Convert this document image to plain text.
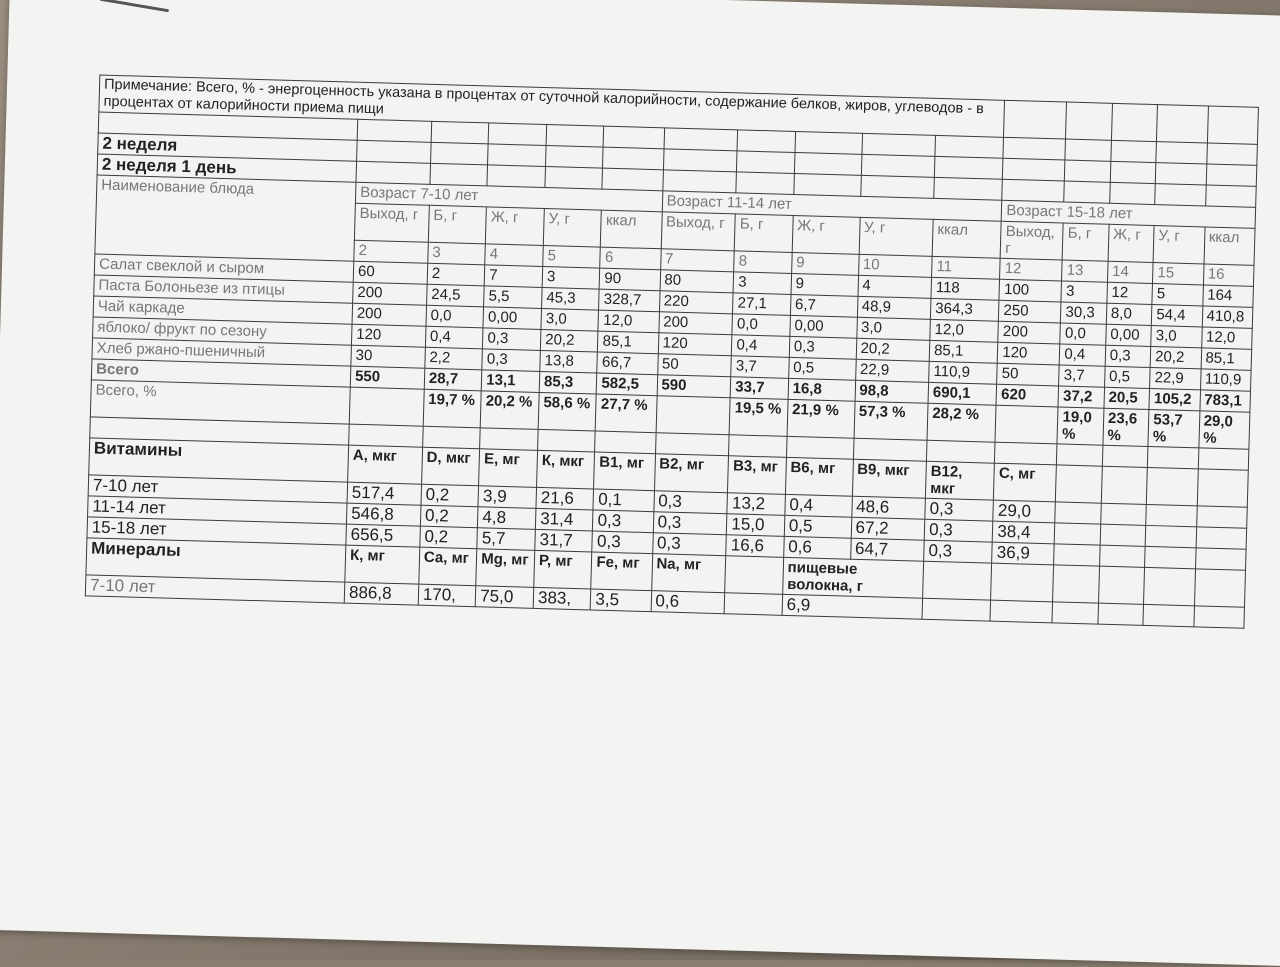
Примечание: Всего, % - энергоценность указана в процентах от суточной калорийности, содержание белков, жиров, углеводов - в процентах от калорийности приема пищи															

2 неделя															
2 неделя 1 день															
Наименование блюда	Возраст 7-10 лет					Возраст 11-14 лет					Возраст 15-18 лет				
	Выход, г	Б, г	Ж, г	У, г	ккал	Выход, г	Б, г	Ж, г	У, г	ккал	Выход, г	Б, г	Ж, г	У, г	ккал
	2	3	4	5	6	7	8	9	10	11	12	13	14	15	16
Салат свеклой и сыром	60	2	7	3	90	80	3	9	4	118	100	3	12	5	164
Паста Болоньезе из птицы	200	24,5	5,5	45,3	328,7	220	27,1	6,7	48,9	364,3	250	30,3	8,0	54,4	410,8
Чай каркаде	200	0,0	0,00	3,0	12,0	200	0,0	0,00	3,0	12,0	200	0,0	0,00	3,0	12,0
яблоко/ фрукт по сезону	120	0,4	0,3	20,2	85,1	120	0,4	0,3	20,2	85,1	120	0,4	0,3	20,2	85,1
Хлеб ржано-пшеничный	30	2,2	0,3	13,8	66,7	50	3,7	0,5	22,9	110,9	50	3,7	0,5	22,9	110,9
Всего	550	28,7	13,1	85,3	582,5	590	33,7	16,8	98,8	690,1	620	37,2	20,5	105,2	783,1
Всего, %		19,7 %	20,2 %	58,6 %	27,7 %		19,5 %	21,9 %	57,3 %	28,2 %		19,0 %	23,6 %	53,7 %	29,0 %

Витамины	А, мкг	D, мкг	Е, мг	К, мкг	В1, мг	В2, мг	В3, мг	В6, мг	В9, мкг	В12, мкг	С, мг				
7-10 лет	517,4	0,2	3,9	21,6	0,1	0,3	13,2	0,4	48,6	0,3	29,0				
11-14 лет	546,8	0,2	4,8	31,4	0,3	0,3	15,0	0,5	67,2	0,3	38,4				
15-18 лет	656,5	0,2	5,7	31,7	0,3	0,3	16,6	0,6	64,7	0,3	36,9				
Минералы	К, мг	Са, мг	Mg, мг	Р, мг	Fe, мг	Na, мг		пищевые волокна, г							
7-10 лет	886,8	170,	75,0	383,	3,5	0,6		6,9							
